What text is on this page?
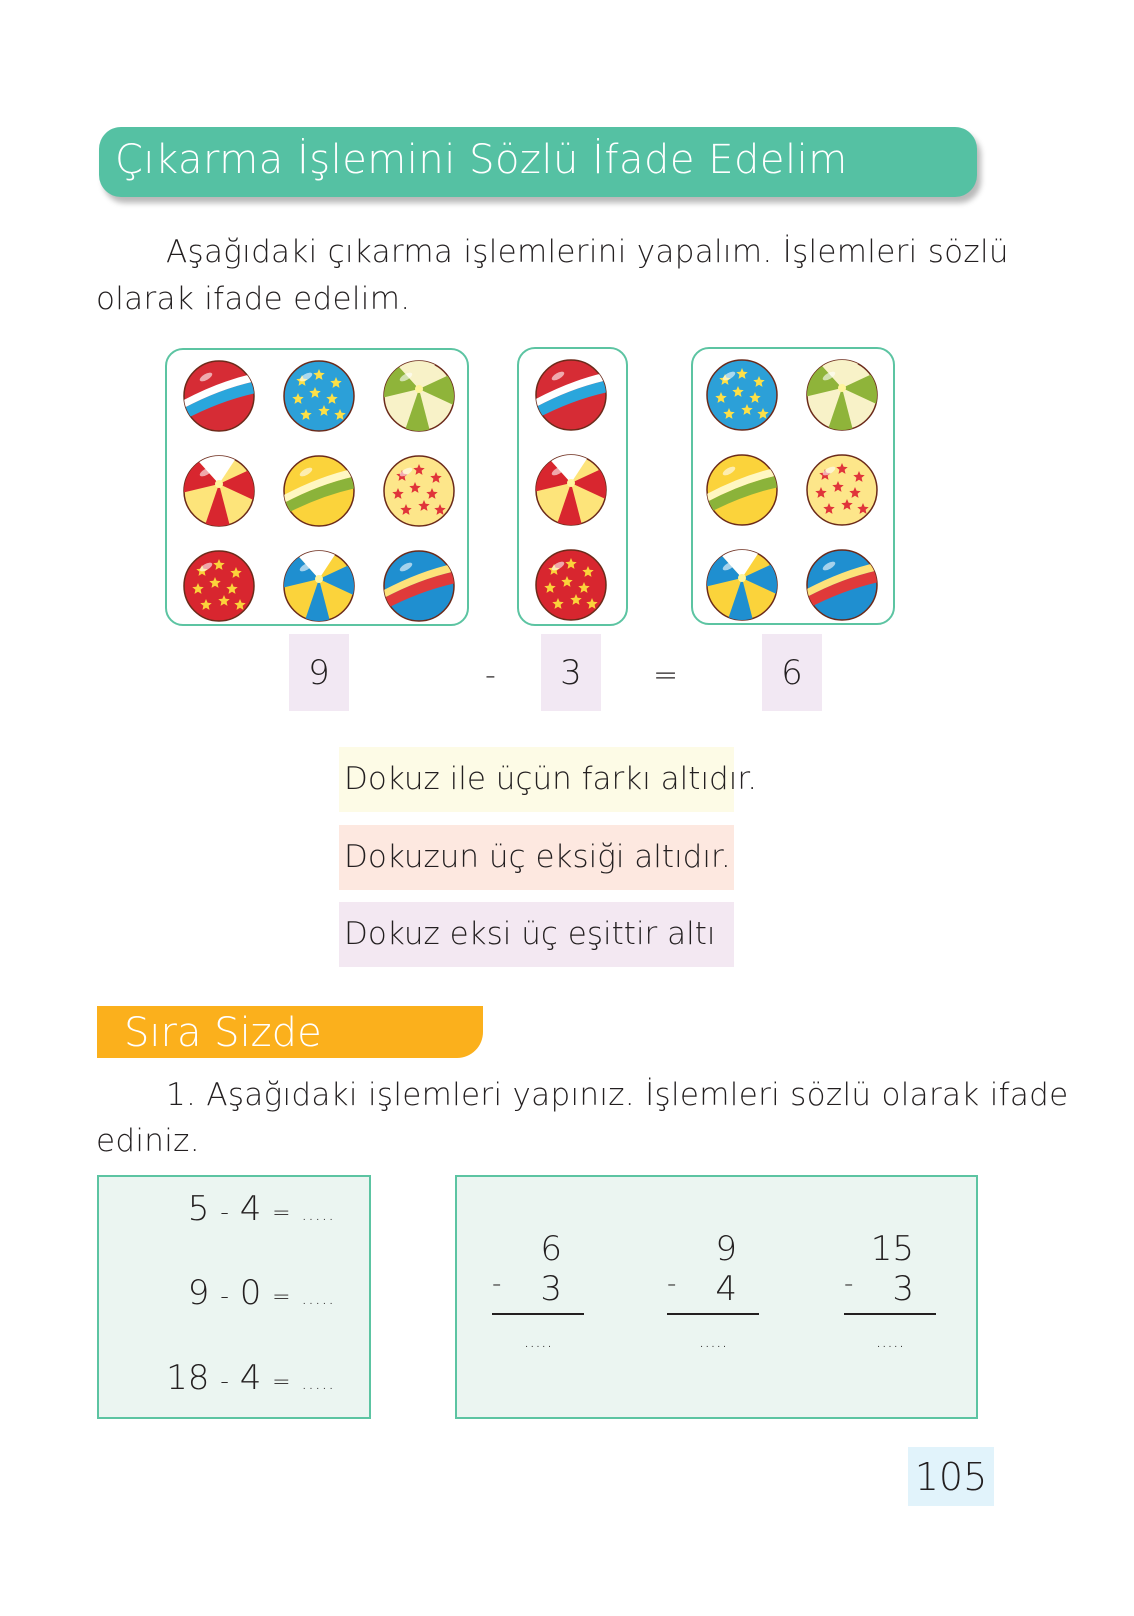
Çıkarma İşlemini Sözlü İfade Edelim
Aşağıdaki çıkarma işlemlerini yapalım. İşlemleri sözlü
olarak ifade edelim.
9	-	3	=	6
Dokuz ile üçün farkı altıdır.
Dokuzun üç eksiği altıdır.
Dokuz eksi üç eşittir altı
Sıra Sizde
1. Aşağıdaki işlemleri yapınız. İşlemleri sözlü olarak ifade
ediniz.
5 - 4 = .....
9 - 0 = .....
18 - 4 = .....
6
- 3
.....
9
- 4
.....
15
- 3
.....
105
